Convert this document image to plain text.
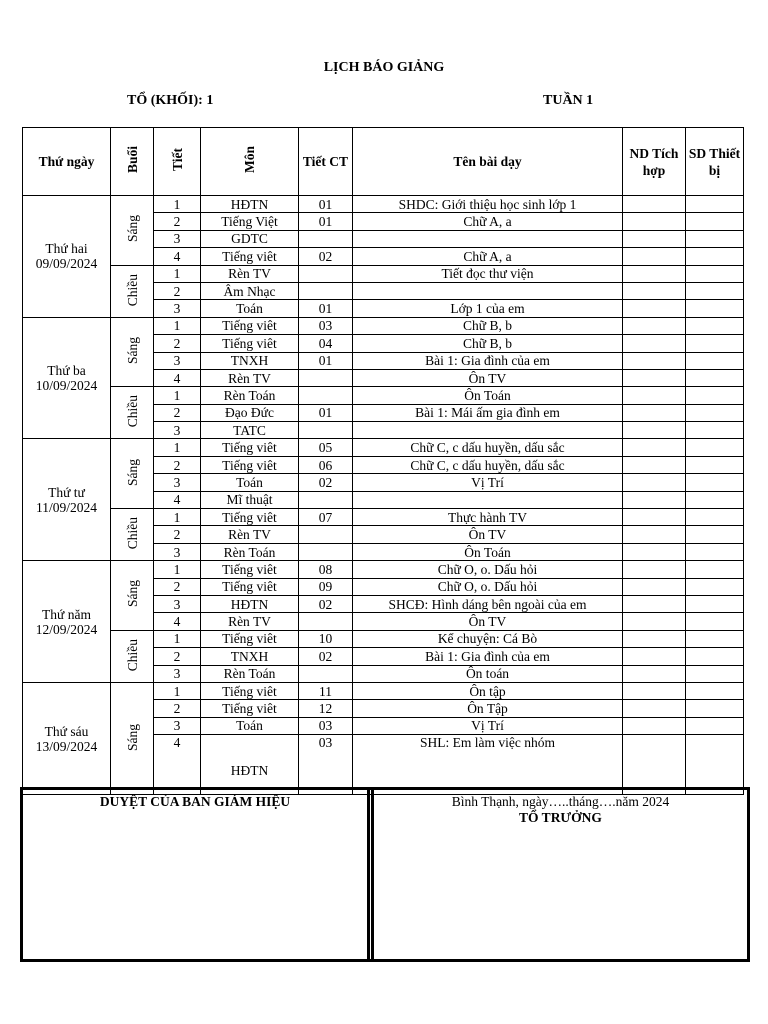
LỊCH BÁO GIẢNG
TỔ (KHỐI): 1	TUẦN 1
Thứ ngày	Buổi	Tiết	Môn	Tiết CT	Tên bài dạy	ND Tích hợp	SD Thiết bị

Thứ hai
09/09/2024	Sáng	1	HĐTN	01	SHDC: Giới thiệu học sinh lớp 1		
		2	Tiếng Việt	01	Chữ A, a		
		3	GDTC				
		4	Tiếng viêt	02	Chữ A, a		
	Chiều	1	Rèn TV		Tiết đọc thư viện		
		2	Âm Nhạc				
		3	Toán	01	Lớp 1 của em		

Thứ ba
10/09/2024	Sáng	1	Tiếng viêt	03	Chữ B, b		
		2	Tiếng viêt	04	Chữ B, b		
		3	TNXH	01	Bài 1: Gia đình của em		
		4	Rèn TV		Ôn TV		
	Chiều	1	Rèn Toán		Ôn Toán		
		2	Đạo Đức	01	Bài 1: Mái ấm gia đình em		
		3	TATC				

Thứ tư
11/09/2024	Sáng	1	Tiếng viêt	05	Chữ C, c dấu huyền, dấu sắc		
		2	Tiếng viêt	06	Chữ C, c dấu huyền, dấu sắc		
		3	Toán	02	Vị Trí		
		4	Mĩ thuật				
	Chiều	1	Tiếng viêt	07	Thực hành TV		
		2	Rèn TV		Ôn TV		
		3	Rèn Toán		Ôn Toán		

Thứ năm
12/09/2024	Sáng	1	Tiếng viêt	08	Chữ O, o. Dấu hỏi		
		2	Tiếng viêt	09	Chữ O, o. Dấu hỏi		
		3	HĐTN	02	SHCĐ: Hình dáng bên ngoài của em		
		4	Rèn TV		Ôn TV		
	Chiều	1	Tiếng viêt	10	Kể chuyện: Cá Bò		
		2	TNXH	02	Bài 1: Gia đình của em		
		3	Rèn Toán		Ôn toán		

Thứ sáu
13/09/2024	Sáng	1	Tiếng viêt	11	Ôn tập		
		2	Tiếng viêt	12	Ôn Tập		
		3	Toán	03	Vị Trí		
		4	HĐTN	03	SHL: Em làm việc nhóm		
DUYỆT CỦA BAN GIÁM HIỆU	Bình Thạnh, ngày…..tháng….năm 2024
TỔ TRƯỞNG
